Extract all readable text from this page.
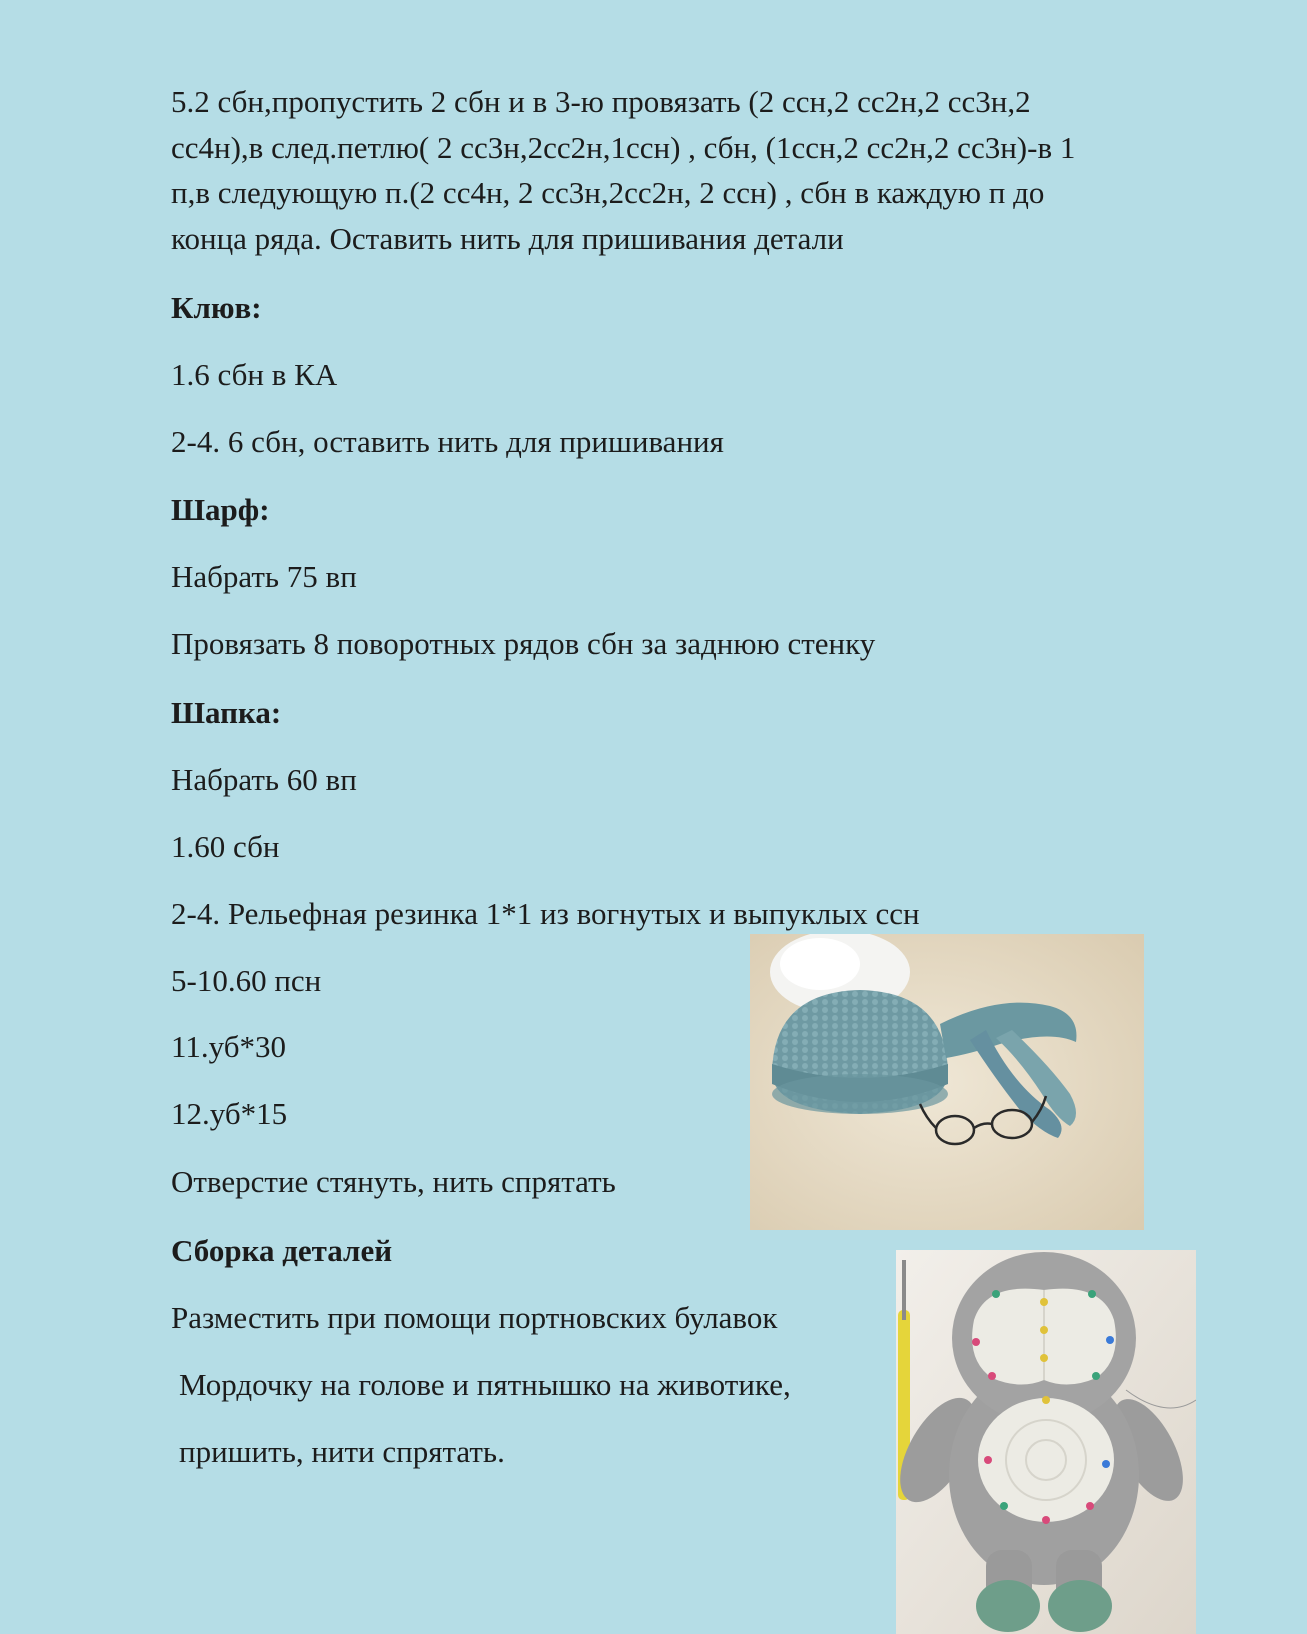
5.2 сбн,пропустить 2 сбн и в 3-ю провязать (2 ссн,2 сс2н,2 сс3н,2

сс4н),в след.петлю( 2 сс3н,2сс2н,1ссн) , сбн, (1ссн,2 сс2н,2 сс3н)-в 1

п,в следующую п.(2 сс4н, 2 сс3н,2сс2н, 2 ссн) , сбн в каждую п до

конца ряда. Оставить нить для пришивания детали

Клюв:

1.6 сбн в КА

2-4. 6 сбн, оставить нить для пришивания

Шарф:

Набрать 75 вп

Провязать 8 поворотных рядов сбн за заднюю стенку

Шапка:

Набрать 60 вп

1.60 сбн

2-4. Рельефная резинка 1*1 из вогнутых и выпуклых ссн

5-10.60 псн

11.уб*30

12.уб*15

Отверстие стянуть, нить спрятать

Сборка деталей

Разместить при помощи портновских булавок

Мордочку на голове и пятнышко на животике,

пришить, нити спрятать.
